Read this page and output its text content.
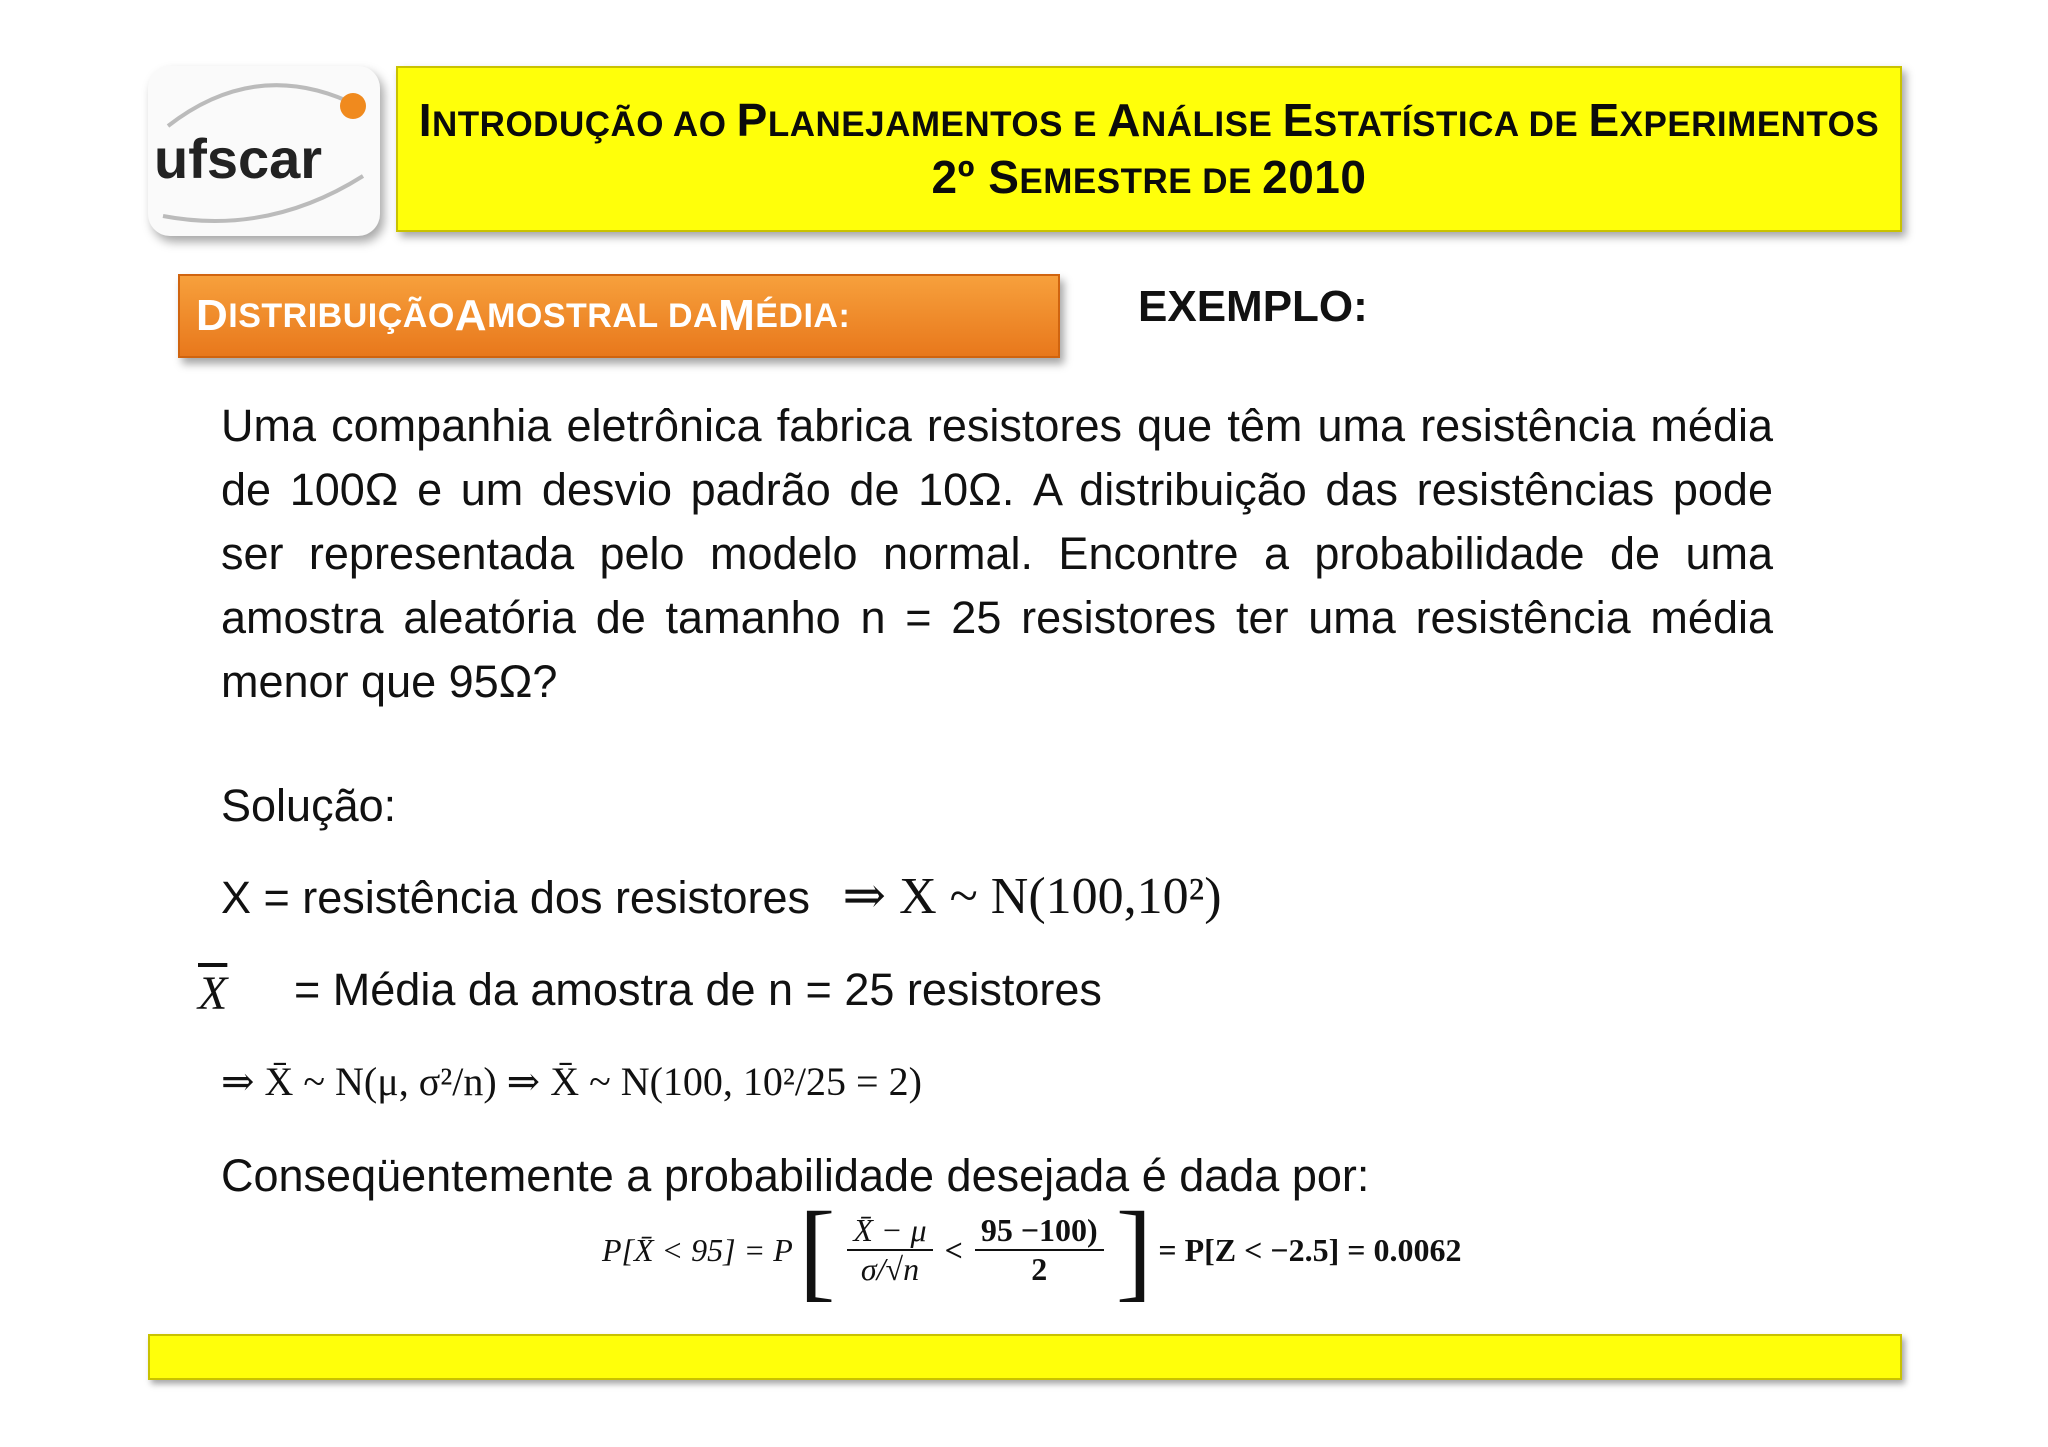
ufscar
INTRODUÇÃO AO PLANEJAMENTOS E ANÁLISE ESTATÍSTICA DE EXPERIMENTOS
2º SEMESTRE DE 2010
D ISTRIBUIÇÃO A MOSTRAL DA M ÉDIA:	EXEMPLO:
Uma companhia eletrônica fabrica resistores que têm uma resistência média de 100Ω e um desvio padrão de 10Ω. A distribuição das resistências pode ser representada pelo modelo normal. Encontre a probabilidade de uma amostra aleatória de tamanho n = 25 resistores ter uma resistência média menor que 95Ω?
Solução:
X = resistência dos resistores ⇒ X ~ N(100,10²)
$\overline{X}$ = Média da amostra de n = 25 resistores
⇒ X̄ ~ N(μ, σ²/n) ⇒ X̄ ~ N(100, 10²/25 = 2)
Conseqüentemente a probabilidade desejada é dada por:
P[X̄ < 95] = P [ $\frac{X̄ - \mu}{\sigma/√n} < \frac{95 -100)}{2}$ ] = P[Z < −2.5] = 0.0062
